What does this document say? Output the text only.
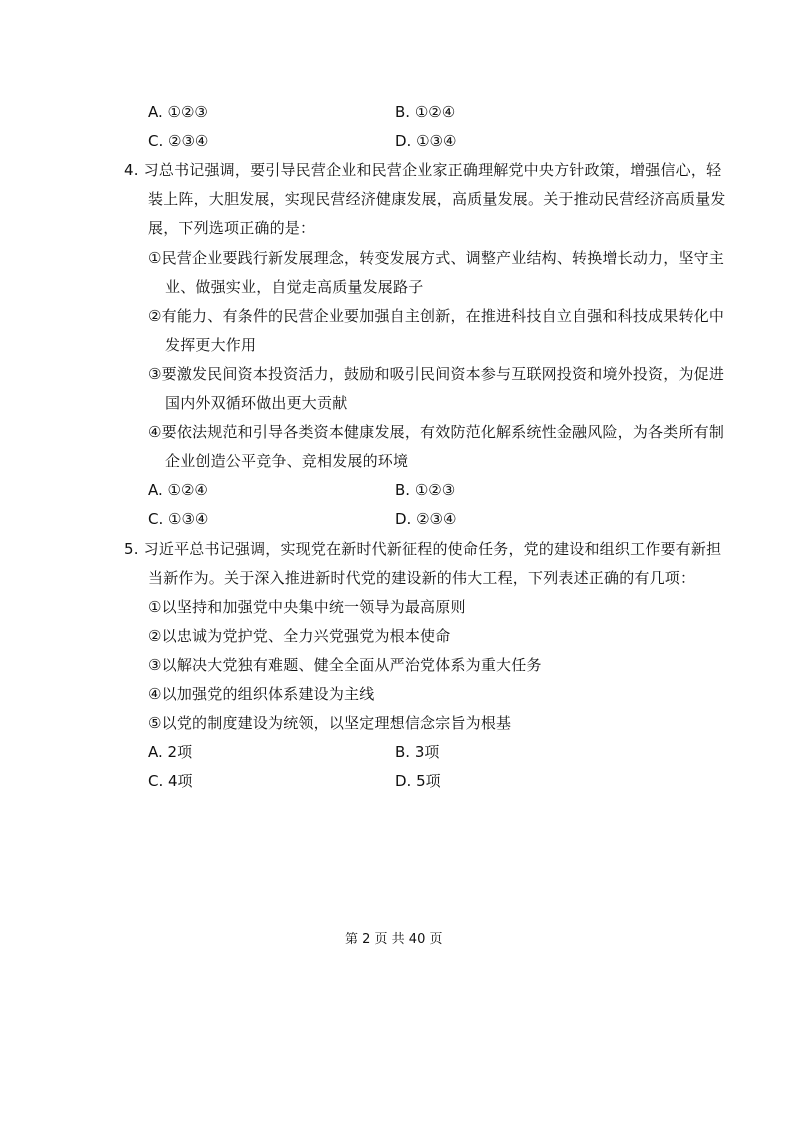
A. ①②③	B. ①②④
C. ②③④	D. ①③④
4. 习总书记强调，要引导民营企业和民营企业家正确理解党中央方针政策，增强信心，轻
装上阵，大胆发展，实现民营经济健康发展，高质量发展。关于推动民营经济高质量发
展，下列选项正确的是：
①民营企业要践行新发展理念，转变发展方式、调整产业结构、转换增长动力，坚守主
业、做强实业，自觉走高质量发展路子
②有能力、有条件的民营企业要加强自主创新，在推进科技自立自强和科技成果转化中
发挥更大作用
③要激发民间资本投资活力，鼓励和吸引民间资本参与互联网投资和境外投资，为促进
国内外双循环做出更大贡献
④要依法规范和引导各类资本健康发展，有效防范化解系统性金融风险，为各类所有制
企业创造公平竞争、竞相发展的环境
A. ①②④	B. ①②③
C. ①③④	D. ②③④
5. 习近平总书记强调，实现党在新时代新征程的使命任务，党的建设和组织工作要有新担
当新作为。关于深入推进新时代党的建设新的伟大工程，下列表述正确的有几项：
①以坚持和加强党中央集中统一领导为最高原则
②以忠诚为党护党、全力兴党强党为根本使命
③以解决大党独有难题、健全全面从严治党体系为重大任务
④以加强党的组织体系建设为主线
⑤以党的制度建设为统领，以坚定理想信念宗旨为根基
A. 2项	B. 3项
C. 4项	D. 5项
第 2 页 共 40 页
